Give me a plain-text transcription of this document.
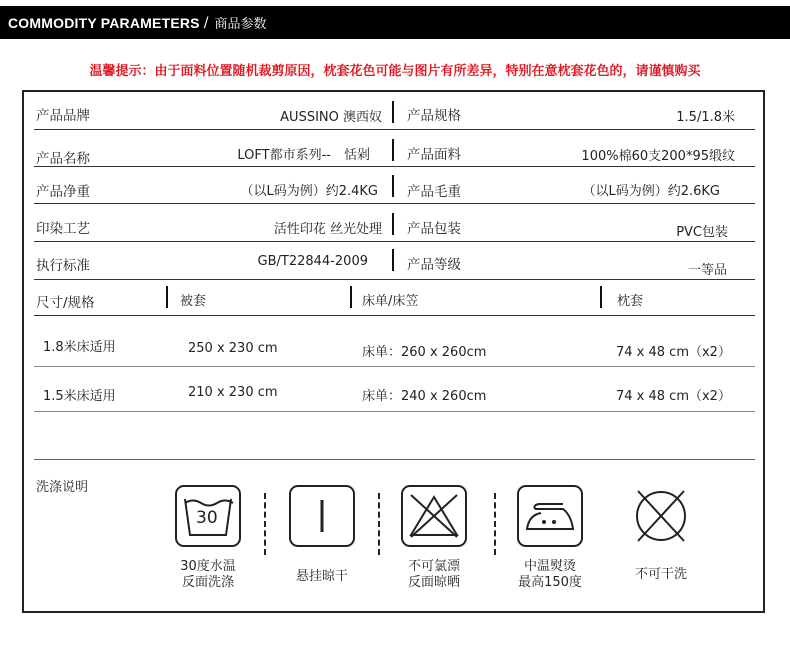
COMMODITY PARAMETERS / 商品参数
温馨提示：由于面料位置随机裁剪原因，枕套花色可能与图片有所差异，特别在意枕套花色的，请谨慎购买
产品品牌	AUSSINO 澳西奴 产品规格	1.5/1.8米
产品名称	LOFT都市系列--　恬剁	产品面料	100%棉60支200*95缎纹
产品净重	（以L码为例）约2.4KG 产品毛重	（以L码为例）约2.6KG
印染工艺	活性印花 丝光处理 产品包装	PVC包装
执行标准	GB/T22844-2009	产品等级	一等品
尺寸/规格	被套	床单/床笠	枕套
1.8米床适用	250 x 230 cm	床单：260 x 260cm	74 x 48 cm（x2）
1.5米床适用	210 x 230 cm	床单：240 x 260cm	74 x 48 cm（x2）
洗涤说明
30
30度水温
反面洗涤	悬挂晾干
不可氯漂
反面晾晒
中温熨烫
最高150度
不可干洗
